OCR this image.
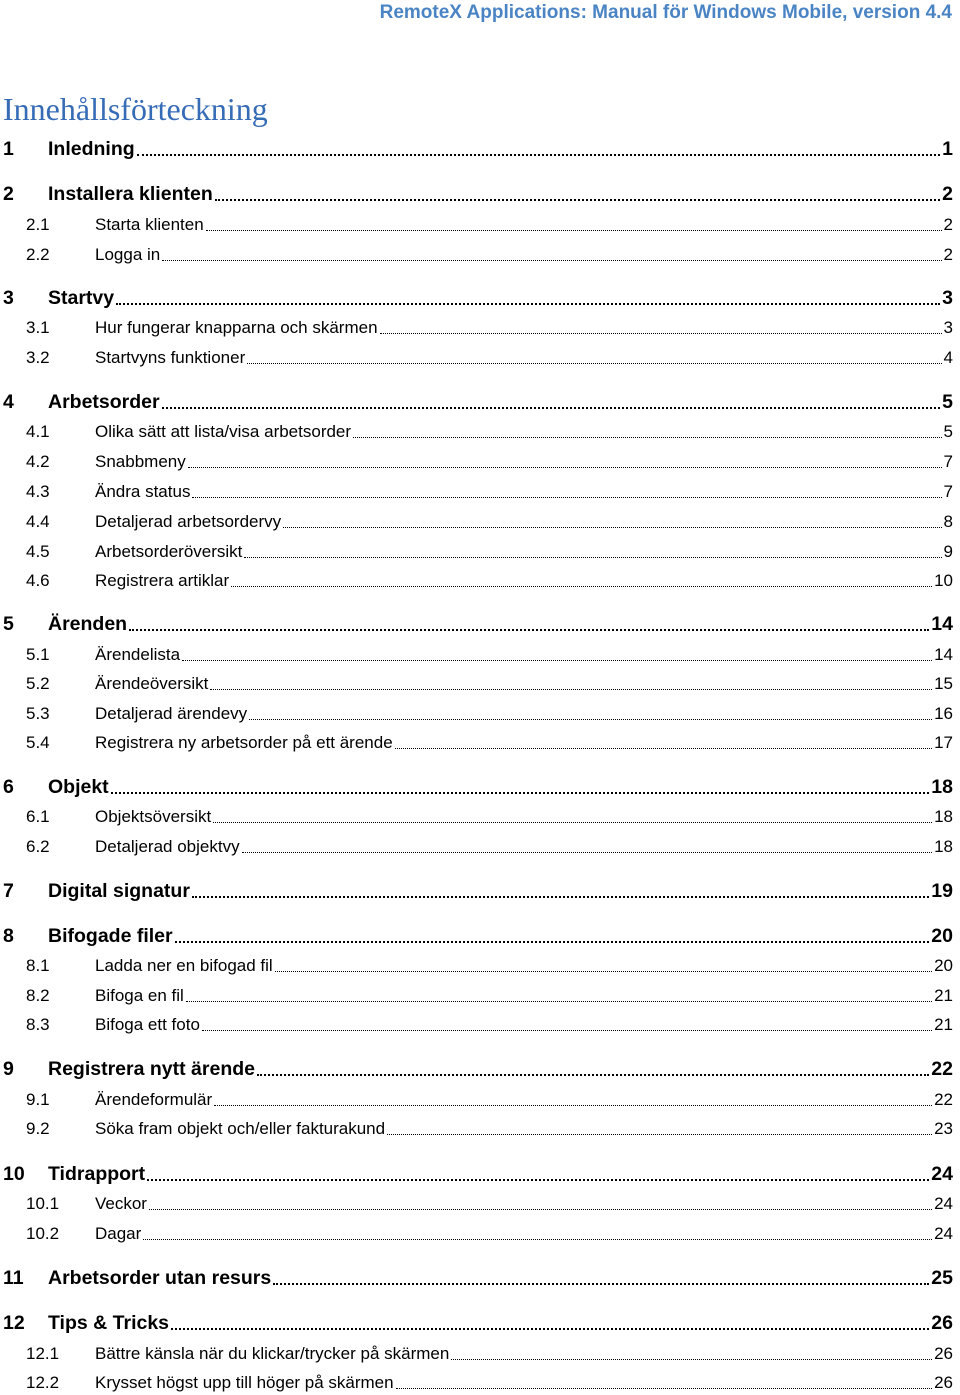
RemoteX Applications: Manual för Windows Mobile, version 4.4
Innehållsförteckning
1	Inledning	1
2	Installera klienten	2
2.1	Starta klienten	2
2.2	Logga in	2
3	Startvy	3
3.1	Hur fungerar knapparna och skärmen	3
3.2	Startvyns funktioner	4
4	Arbetsorder	5
4.1	Olika sätt att lista/visa arbetsorder	5
4.2	Snabbmeny	7
4.3	Ändra status	7
4.4	Detaljerad arbetsordervy	8
4.5	Arbetsorderöversikt	9
4.6	Registrera artiklar	10
5	Ärenden	14
5.1	Ärendelista	14
5.2	Ärendeöversikt	15
5.3	Detaljerad ärendevy	16
5.4	Registrera ny arbetsorder på ett ärende	17
6	Objekt	18
6.1	Objektsöversikt	18
6.2	Detaljerad objektvy	18
7	Digital signatur	19
8	Bifogade filer	20
8.1	Ladda ner en bifogad fil	20
8.2	Bifoga en fil	21
8.3	Bifoga ett foto	21
9	Registrera nytt ärende	22
9.1	Ärendeformulär	22
9.2	Söka fram objekt och/eller fakturakund	23
10	Tidrapport	24
10.1	Veckor	24
10.2	Dagar	24
11	Arbetsorder utan resurs	25
12	Tips & Tricks	26
12.1	Bättre känsla när du klickar/trycker på skärmen	26
12.2	Krysset högst upp till höger på skärmen	26
